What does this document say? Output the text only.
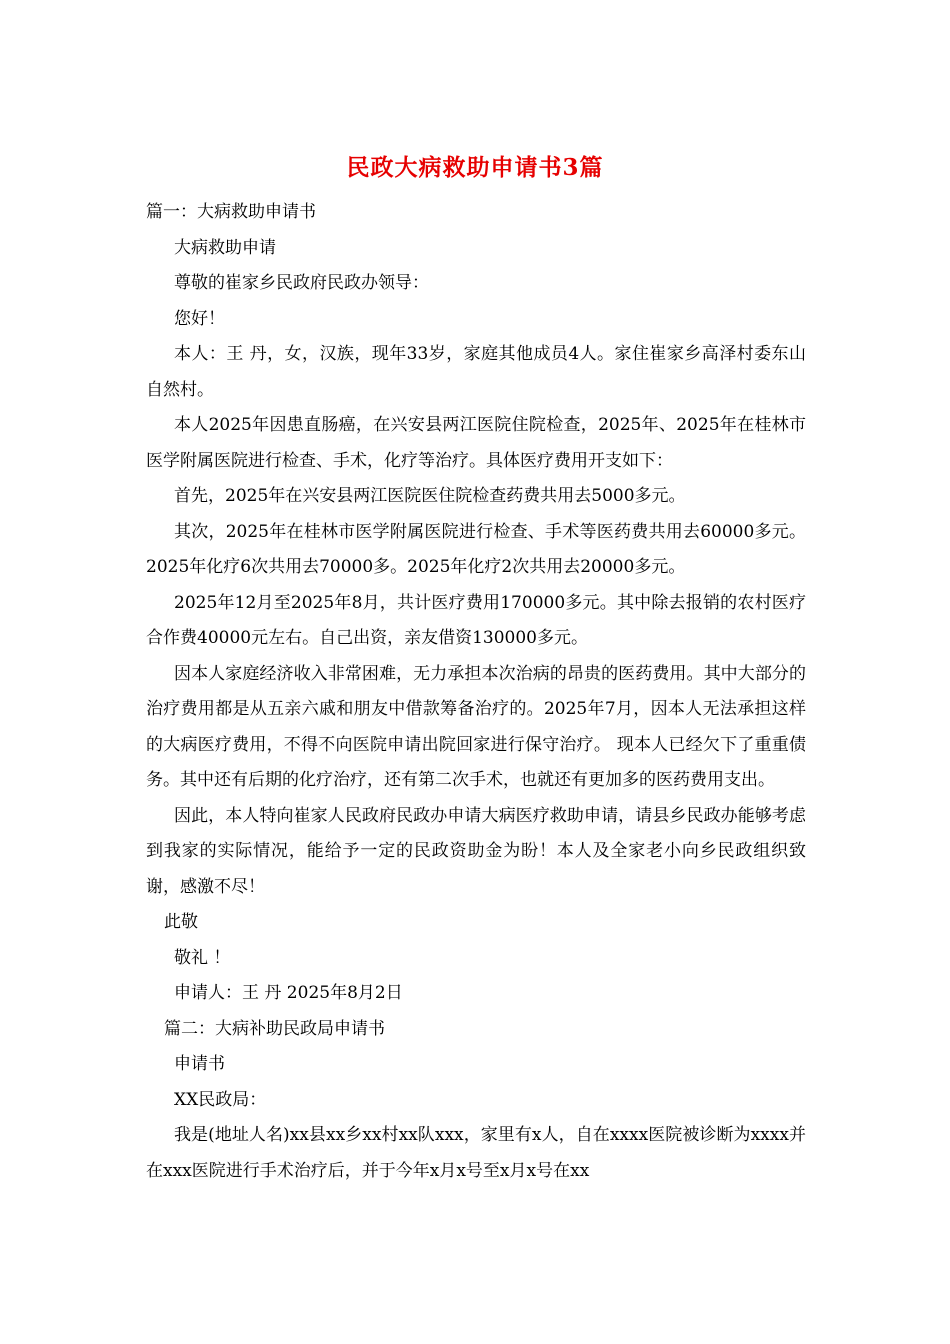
民政大病救助申请书3篇

篇一：大病救助申请书

大病救助申请

尊敬的崔家乡民政府民政办领导：

您好！

本人：王 丹，女，汉族，现年33岁，家庭其他成员4人。家住崔家乡高泽村委东山自然村。

本人2025年因患直肠癌，在兴安县两江医院住院检查，2025年、2025年在桂林市医学附属医院进行检查、手术，化疗等治疗。具体医疗费用开支如下：

首先，2025年在兴安县两江医院医住院检查药费共用去5000多元。

其次，2025年在桂林市医学附属医院进行检查、手术等医药费共用去60000多元。2025年化疗6次共用去70000多。2025年化疗2次共用去20000多元。

2025年12月至2025年8月，共计医疗费用170000多元。其中除去报销的农村医疗合作费40000元左右。自己出资，亲友借资130000多元。

因本人家庭经济收入非常困难，无力承担本次治病的昂贵的医药费用。其中大部分的治疗费用都是从五亲六戚和朋友中借款筹备治疗的。2025年7月，因本人无法承担这样的大病医疗费用，不得不向医院申请出院回家进行保守治疗。 现本人已经欠下了重重债务。其中还有后期的化疗治疗，还有第二次手术，也就还有更加多的医药费用支出。

因此，本人特向崔家人民政府民政办申请大病医疗救助申请，请县乡民政办能够考虑到我家的实际情况，能给予一定的民政资助金为盼！本人及全家老小向乡民政组织致谢，感激不尽！

此敬

敬礼 ！

申请人：王 丹 2025年8月2日

篇二：大病补助民政局申请书

申请书

XX民政局：

我是(地址人名)xx县xx乡xx村xx队xxx，家里有x人，自在xxxx医院被诊断为xxxx并在xxx医院进行手术治疗后，并于今年x月x号至x月x号在xx
